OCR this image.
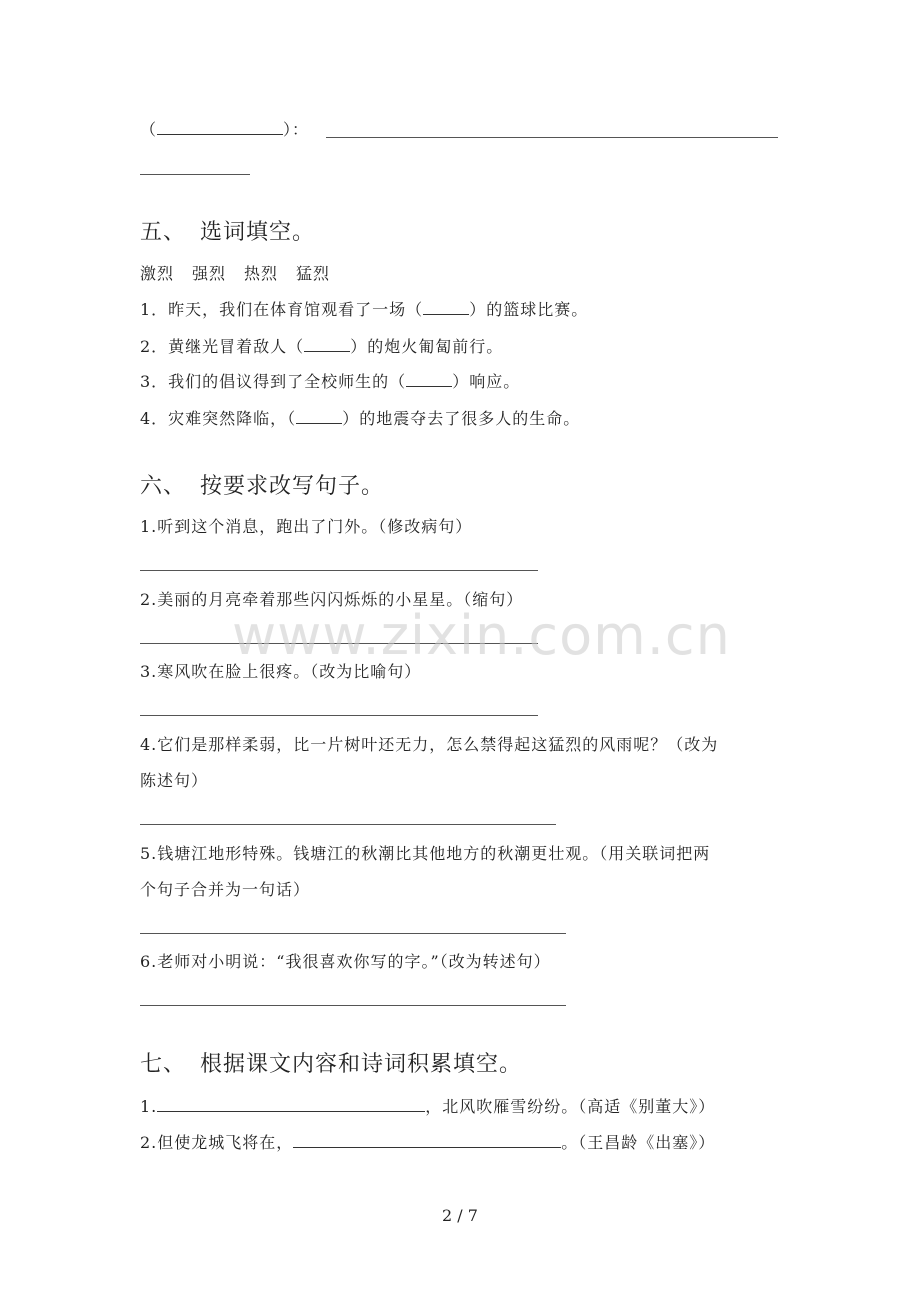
（	）：
五、 选词填空。
激烈 强烈 热烈 猛烈
1．昨天，我们在体育馆观看了一场（	）的篮球比赛。
2．黄继光冒着敌人（	）的炮火匍匐前行。
3．我们的倡议得到了全校师生的（	）响应。
4．灾难突然降临，（	）的地震夺去了很多人的生命。
六、 按要求改写句子。
1.听到这个消息，跑出了门外。（修改病句）
2.美丽的月亮牵着那些闪闪烁烁的小星星。（缩句）
3.寒风吹在脸上很疼。（改为比喻句）
4.它们是那样柔弱，比一片树叶还无力，怎么禁得起这猛烈的风雨呢？（改为
陈述句）
5.钱塘江地形特殊。钱塘江的秋潮比其他地方的秋潮更壮观。（用关联词把两
个句子合并为一句话）
6.老师对小明说：“我很喜欢你写的字。”（改为转述句）
七、 根据课文内容和诗词积累填空。
1.	，北风吹雁雪纷纷。（高适《别董大》）
2.但使龙城飞将在，	。（王昌龄《出塞》）
www.zixin.com.cn
2 / 7
